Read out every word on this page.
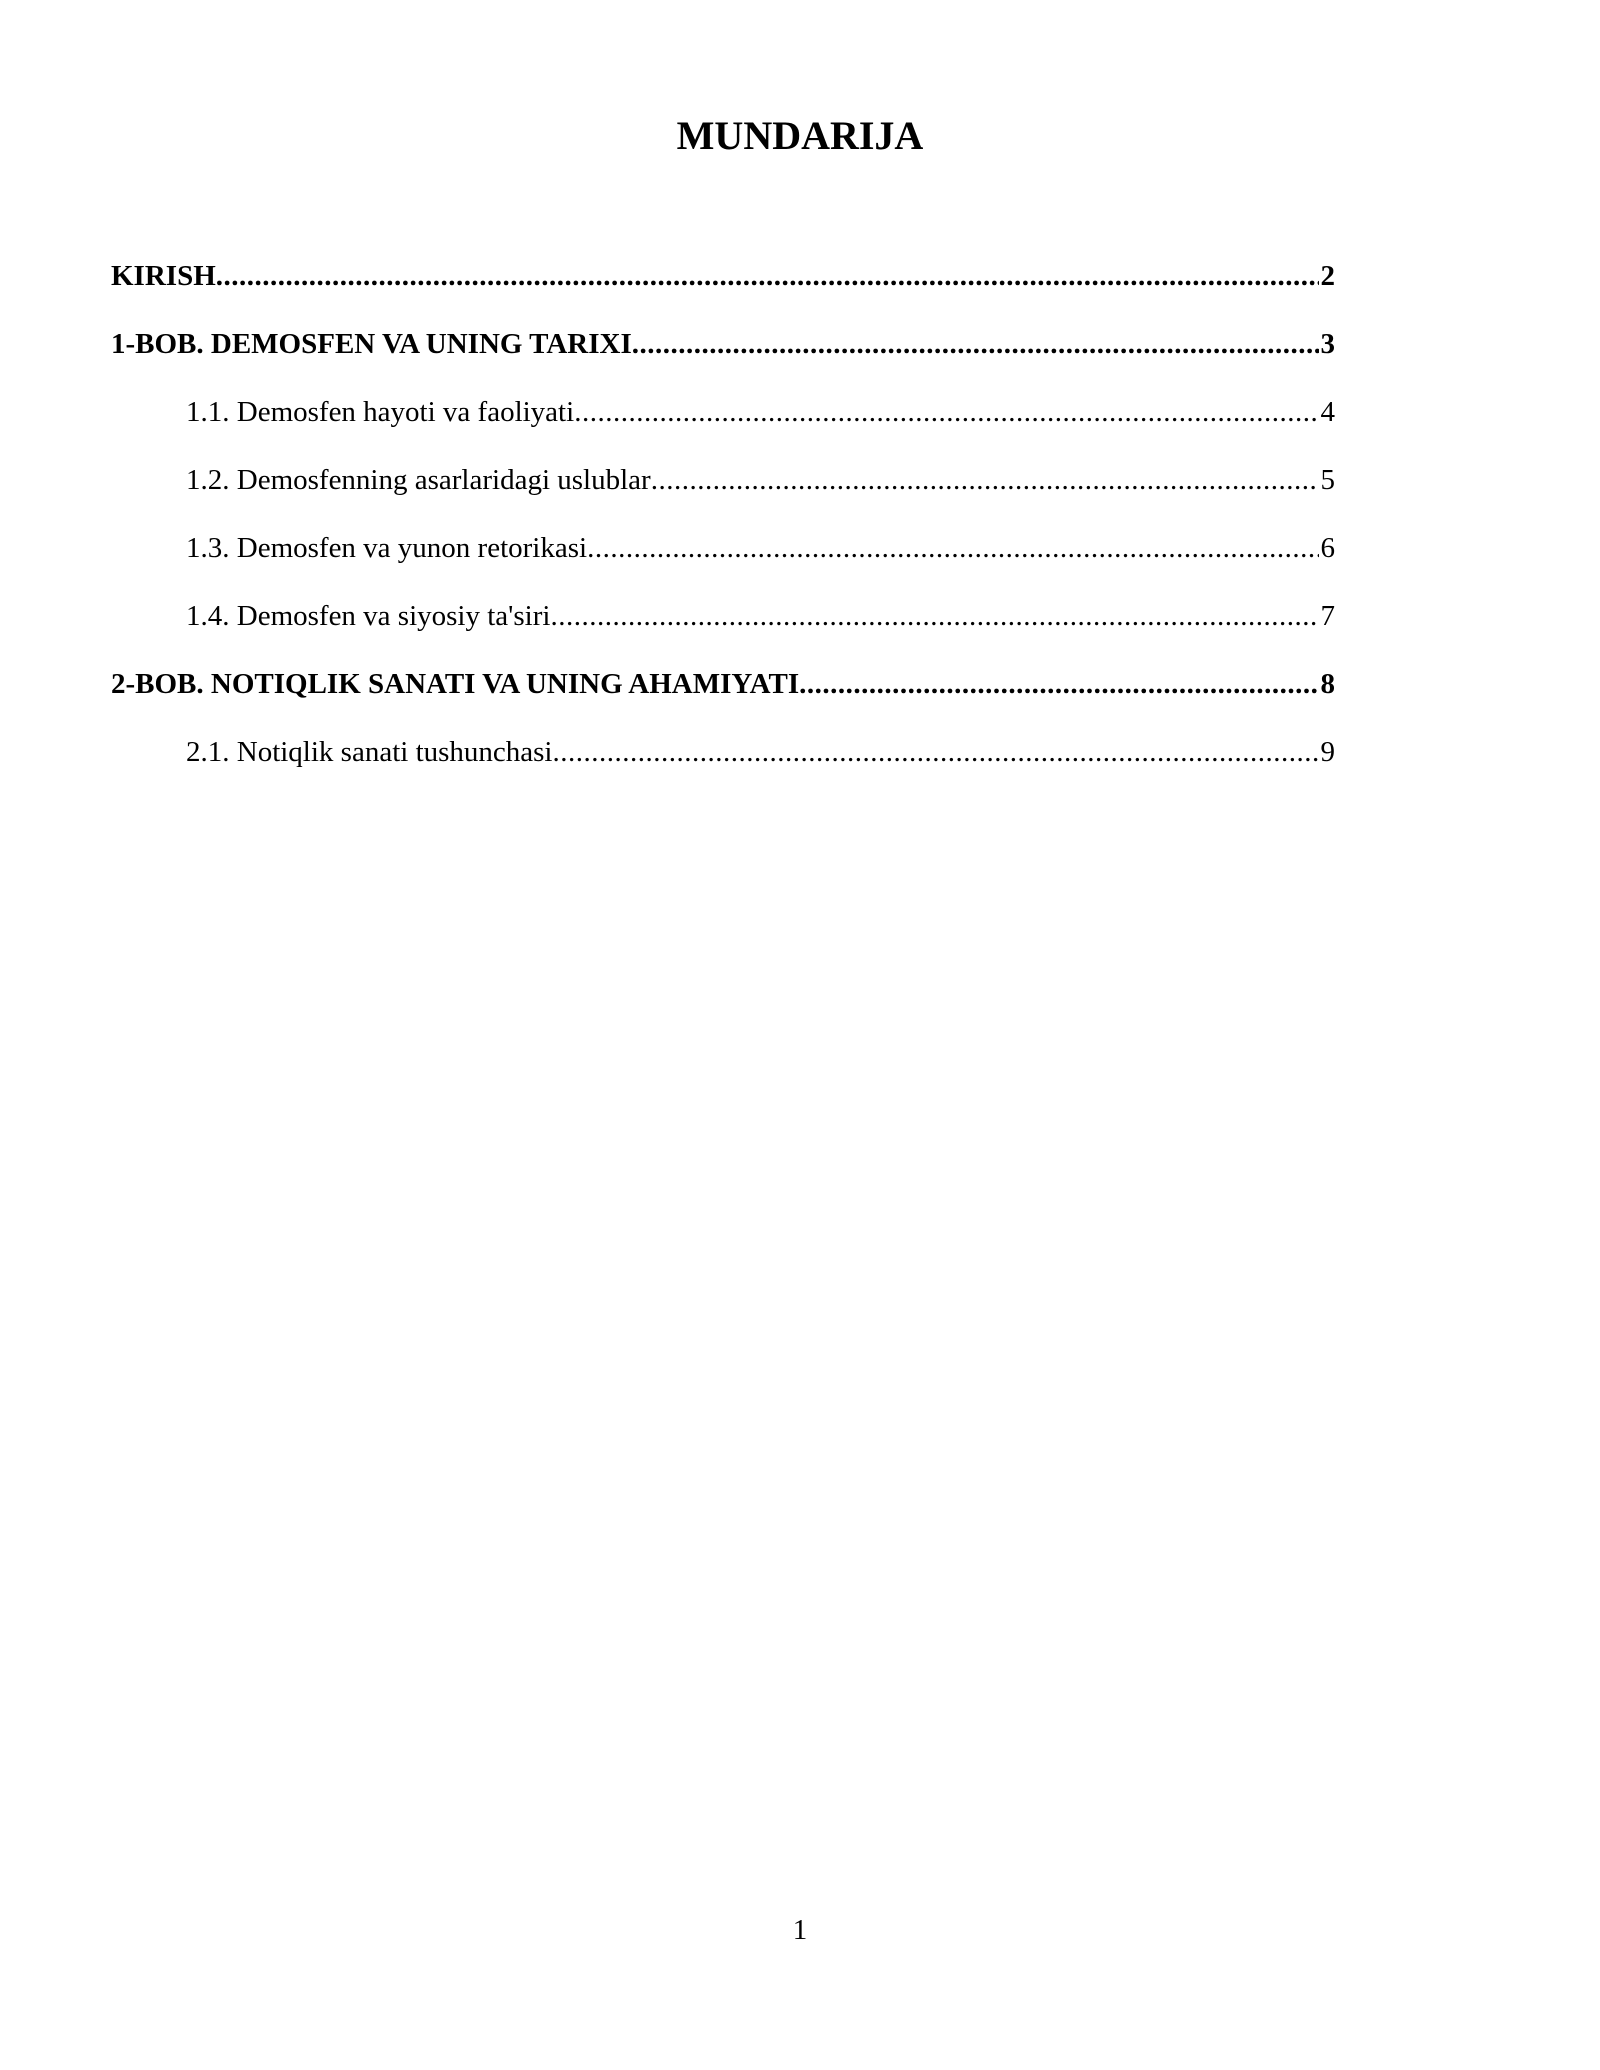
MUNDARIJA
KIRISH .....	2
1-BOB. DEMOSFEN VA UNING TARIXI .....	3
1.1. Demosfen hayoti va faoliyati .....	4
1.2. Demosfenning asarlaridagi uslublar .....	5
1.3. Demosfen va yunon retorikasi .....	6
1.4. Demosfen va siyosiy ta'siri .....	7
2-BOB. NOTIQLIK SANATI VA UNING AHAMIYATI .....	8
2.1. Notiqlik sanati tushunchasi .....	9
1
